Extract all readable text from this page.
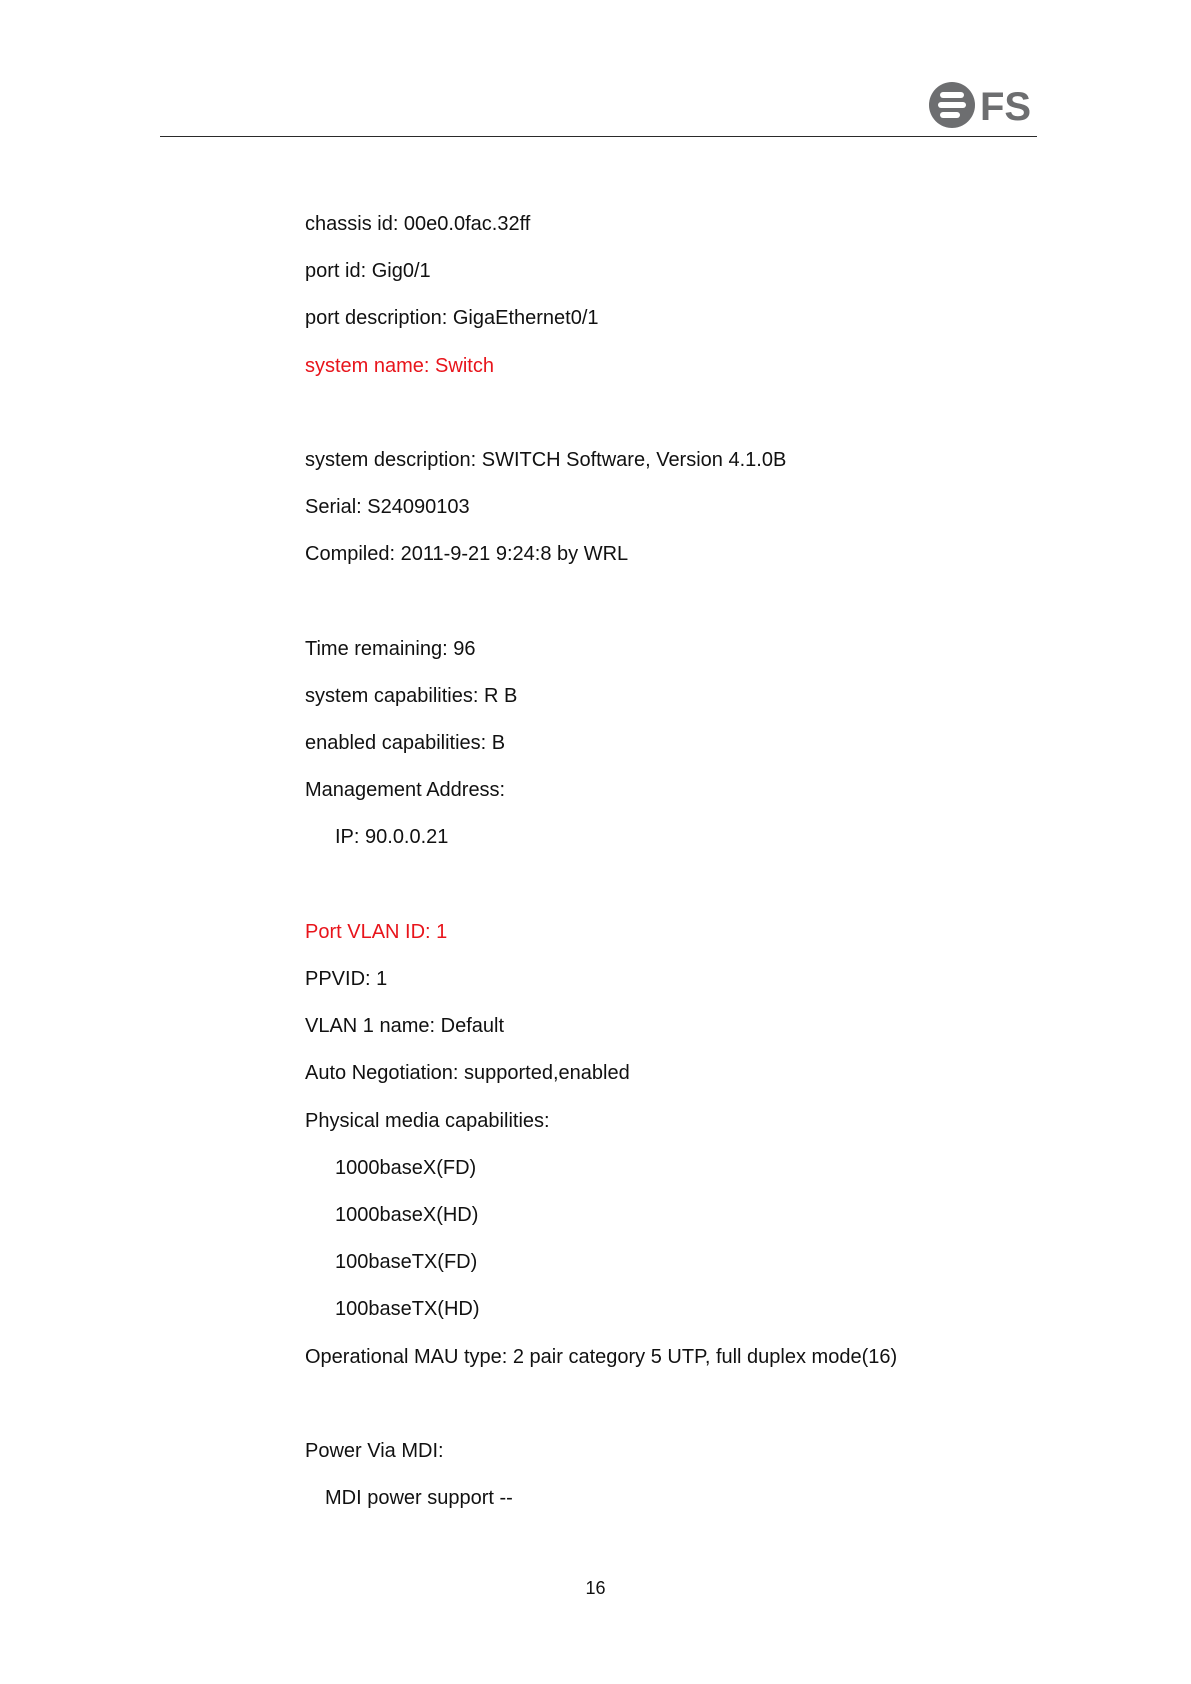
FS
chassis id: 00e0.0fac.32ff
port id: Gig0/1
port description: GigaEthernet0/1
system name: Switch
system description: SWITCH Software, Version 4.1.0B
Serial: S24090103
Compiled: 2011-9-21 9:24:8 by WRL
Time remaining: 96
system capabilities: R B
enabled capabilities: B
Management Address:
IP: 90.0.0.21
Port VLAN ID: 1
PPVID: 1
VLAN 1 name: Default
Auto Negotiation: supported,enabled
Physical media capabilities:
1000baseX(FD)
1000baseX(HD)
100baseTX(FD)
100baseTX(HD)
Operational MAU type: 2 pair category 5 UTP, full duplex mode(16)
Power Via MDI:
MDI power support --
16
